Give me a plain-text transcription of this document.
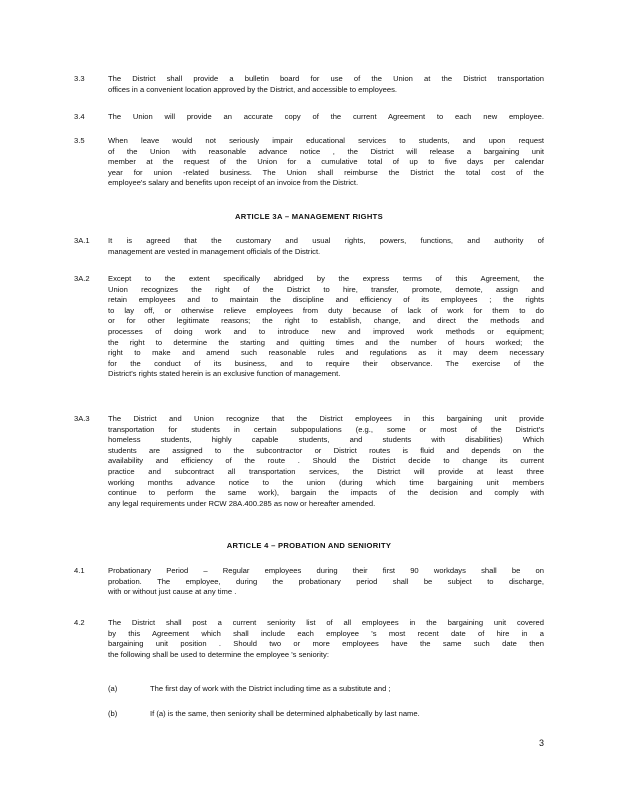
3.3	The District shall provide a bulletin board for use of the Union at the District transportation
offices in a convenient location approved by the District, and accessible to employees.
3.4	The Union will provide an accurate copy of the current Agreement to each new employee.
3.5	When leave would not seriously impair educational services to students, and upon request
of the Union with reasonable advance notice , the District will release a bargaining unit
member at the request of the Union for a cumulative total of up to five days per calendar
year for union -related business. The Union shall reimburse the District the total cost of the
employee's salary and benefits upon receipt of an invoice from the District.
ARTICLE 3A – MANAGEMENT RIGHTS
3A.1	It is agreed that the customary and usual rights, powers, functions, and authority of
management are vested in management officials of the District.
3A.2	Except to the extent specifically abridged by the express terms of this Agreement, the
Union recognizes the right of the District to hire, transfer, promote, demote, assign and
retain employees and to maintain the discipline and efficiency of its employees ; the rights
to lay off, or otherwise relieve employees from duty because of lack of work for them to do
or for other legitimate reasons; the right to establish, change, and direct the methods and
processes of doing work and to introduce new and improved work methods or equipment;
the right to determine the starting and quitting times and the number of hours worked; the
right to make and amend such reasonable rules and regulations as it may deem necessary
for the conduct of its business, and to require their observance. The exercise of the
District's rights stated herein is an exclusive function of management.
3A.3	The District and Union recognize that the District employees in this bargaining unit provide
transportation for students in certain subpopulations (e.g., some or most of the District's
homeless students, highly capable students, and students with disabilities) Which
students are assigned to the subcontractor or District routes is fluid and depends on the
availability and efficiency of the route . Should the District decide to change its current
practice and subcontract all transportation services, the District will provide at least three
working months advance notice to the union (during which time bargaining unit members
continue to perform the same work), bargain the impacts of the decision and comply with
any legal requirements under RCW 28A.400.285 as now or hereafter amended.
ARTICLE 4 – PROBATION AND SENIORITY
4.1	Probationary Period – Regular employees during their first 90 workdays shall be on
probation. The employee, during the probationary period shall be subject to discharge,
with or without just cause at any time .
4.2	The District shall post a current seniority list of all employees in the bargaining unit covered
by this Agreement which shall include each employee 's most recent date of hire in a
bargaining unit position . Should two or more employees have the same such date then
the following shall be used to determine the employee 's seniority:
(a)	The first day of work with the District including time as a substitute and ;
(b)	If (a) is the same, then seniority shall be determined alphabetically by last name.
3
